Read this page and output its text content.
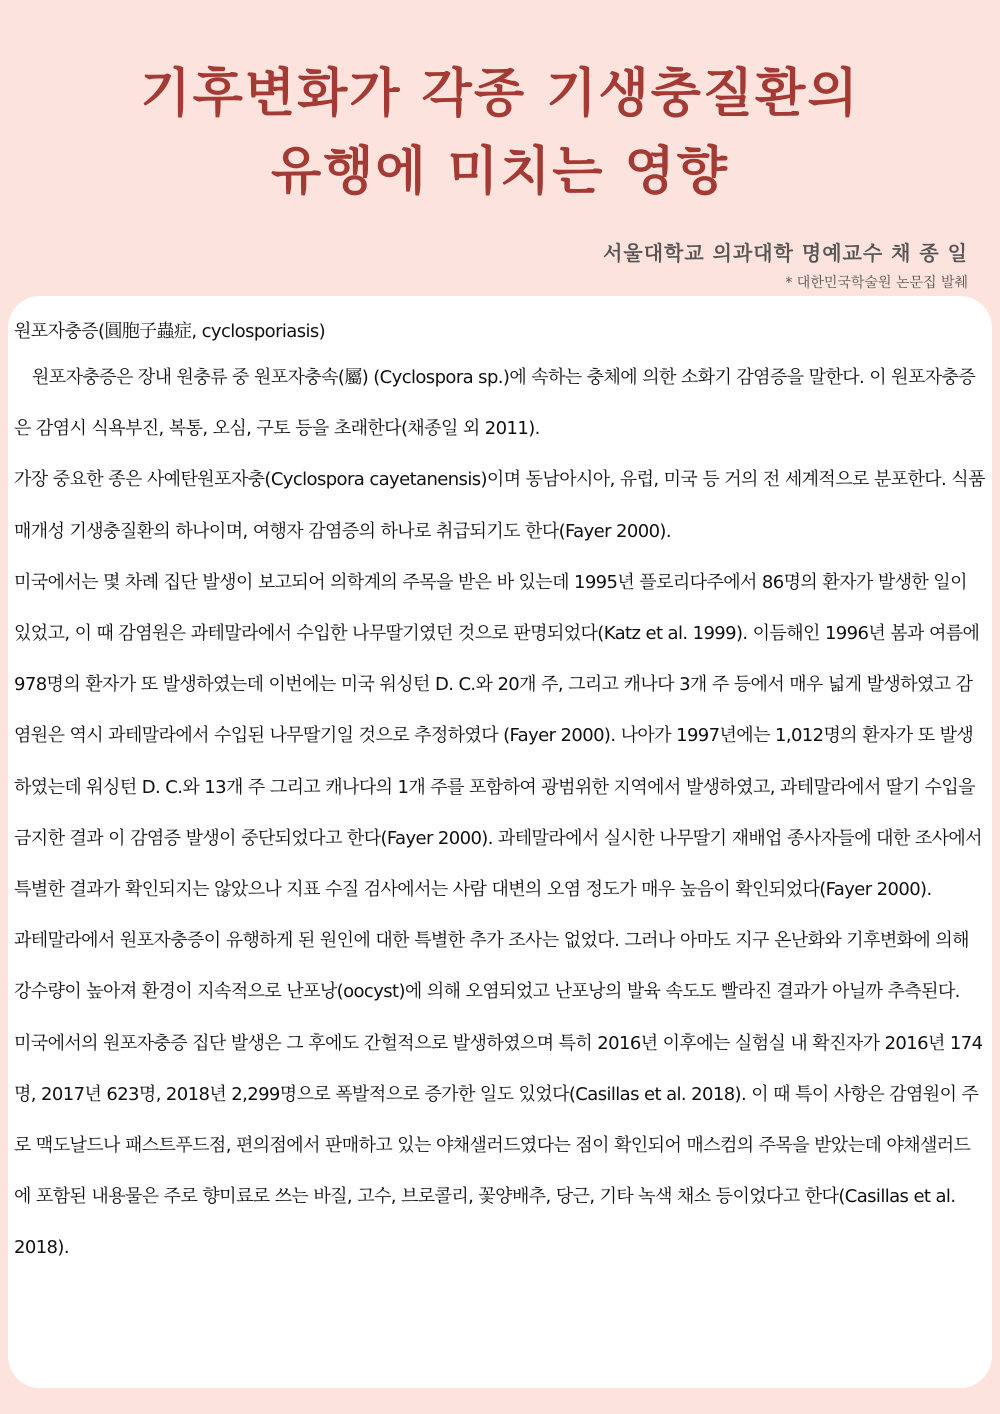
기후변화가 각종 기생충질환의
유행에 미치는 영향
서울대학교 의과대학 명예교수 채 종 일
* 대한민국학술원 논문집 발췌
원포자충증(圓胞子蟲症, cyclosporiasis)

원포자충증은 장내 원충류 중 원포자충속(屬) (Cyclospora sp.)에 속하는 충체에 의한 소화기 감염증을 말한다. 이 원포자충증은 감염시 식욕부진, 복통, 오심, 구토 등을 초래한다(채종일 외 2011).

가장 중요한 종은 사예탄원포자충(Cyclospora cayetanensis)이며 동남아시아, 유럽, 미국 등 거의 전 세계적으로 분포한다. 식품 매개성 기생충질환의 하나이며, 여행자 감염증의 하나로 취급되기도 한다(Fayer 2000).

미국에서는 몇 차례 집단 발생이 보고되어 의학계의 주목을 받은 바 있는데 1995년 플로리다주에서 86명의 환자가 발생한 일이 있었고, 이 때 감염원은 과테말라에서 수입한 나무딸기였던 것으로 판명되었다(Katz et al. 1999). 이듬해인 1996년 봄과 여름에 978명의 환자가 또 발생하였는데 이번에는 미국 워싱턴 D. C.와 20개 주, 그리고 캐나다 3개 주 등에서 매우 넓게 발생하였고 감염원은 역시 과테말라에서 수입된 나무딸기일 것으로 추정하였다 (Fayer 2000). 나아가 1997년에는 1,012명의 환자가 또 발생하였는데 워싱턴 D. C.와 13개 주 그리고 캐나다의 1개 주를 포함하여 광범위한 지역에서 발생하였고, 과테말라에서 딸기 수입을 금지한 결과 이 감염증 발생이 중단되었다고 한다(Fayer 2000). 과테말라에서 실시한 나무딸기 재배업 종사자들에 대한 조사에서 특별한 결과가 확인되지는 않았으나 지표 수질 검사에서는 사람 대변의 오염 정도가 매우 높음이 확인되었다(Fayer 2000).

과테말라에서 원포자충증이 유행하게 된 원인에 대한 특별한 추가 조사는 없었다. 그러나 아마도 지구 온난화와 기후변화에 의해 강수량이 높아져 환경이 지속적으로 난포낭(oocyst)에 의해 오염되었고 난포낭의 발육 속도도 빨라진 결과가 아닐까 추측된다.

미국에서의 원포자충증 집단 발생은 그 후에도 간헐적으로 발생하였으며 특히 2016년 이후에는 실험실 내 확진자가 2016년 174명, 2017년 623명, 2018년 2,299명으로 폭발적으로 증가한 일도 있었다(Casillas et al. 2018). 이 때 특이 사항은 감염원이 주로 맥도날드나 패스트푸드점, 편의점에서 판매하고 있는 야채샐러드였다는 점이 확인되어 매스컴의 주목을 받았는데 야채샐러드에 포함된 내용물은 주로 향미료로 쓰는 바질, 고수, 브로콜리, 꽃양배추, 당근, 기타 녹색 채소 등이었다고 한다(Casillas et al. 2018).
